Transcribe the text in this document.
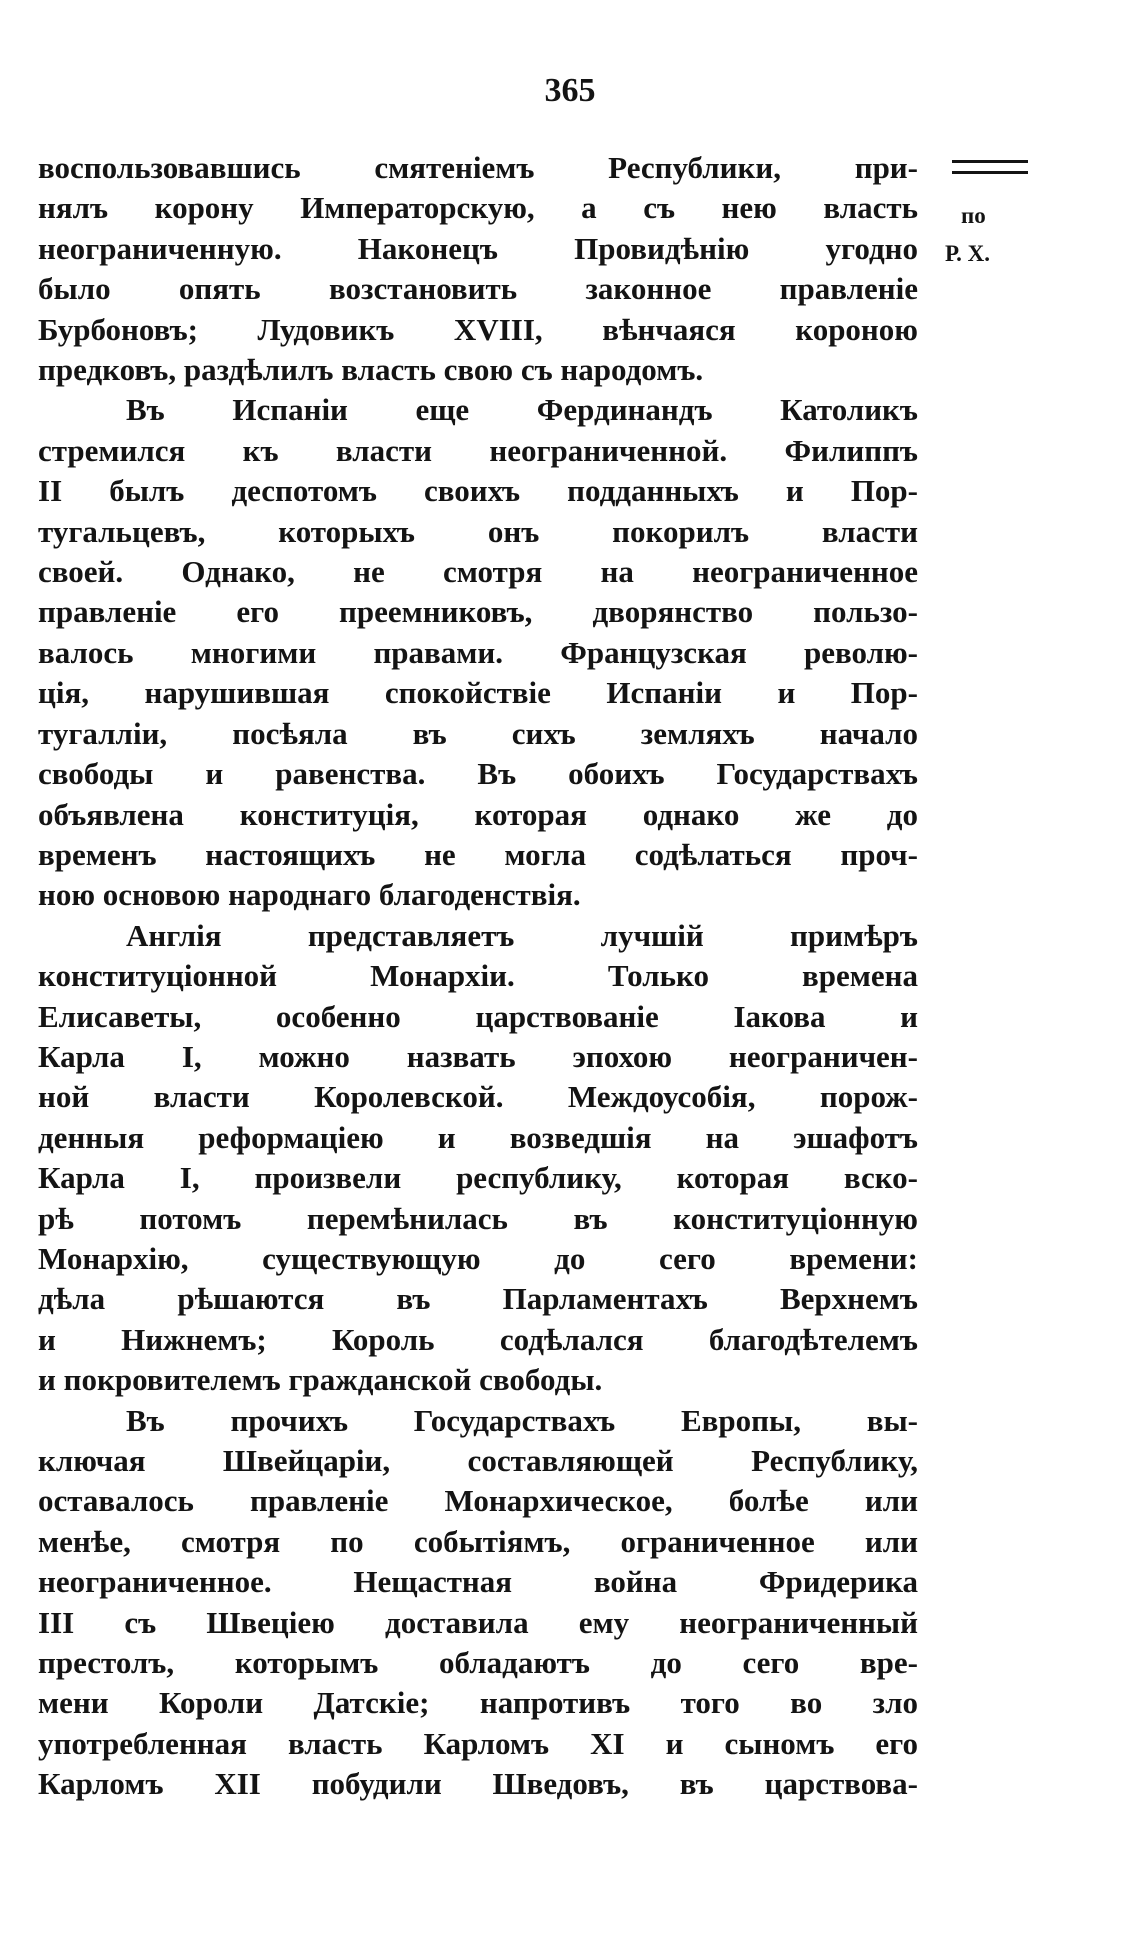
365
по
Р. Х.
воспользовавшись смятеніемъ Республики, при-
нялъ корону Императорскую, а съ нею власть
неограниченную. Наконецъ Провидѣнію угодно
было опять возстановить законное правленіе
Бурбоновъ; Лудовикъ XVIII, вѣнчаяся короною
предковъ, раздѣлилъ власть свою съ народомъ.
Въ Испаніи еще Фердинандъ Католикъ
стремился къ власти неограниченной. Филиппъ
II былъ деспотомъ своихъ подданныхъ и Пор-
тугальцевъ, которыхъ онъ покорилъ власти
своей. Однако, не смотря на неограниченное
правленіе его преемниковъ, дворянство пользо-
валось многими правами. Французская револю-
ція, нарушившая спокойствіе Испаніи и Пор-
тугалліи, посѣяла въ сихъ земляхъ начало
свободы и равенства. Въ обоихъ Государствахъ
объявлена конституція, которая однако же до
временъ настоящихъ не могла содѣлаться проч-
ною основою народнаго благоденствія.
Англія представляетъ лучшій примѣръ
конституціонной Монархіи. Только времена
Елисаветы, особенно царствованіе Іакова и
Карла I, можно назвать эпохою неограничен-
ной власти Королевской. Междоусобія, порож-
денныя реформаціею и возведшія на эшафотъ
Карла I, произвели республику, которая вско-
рѣ потомъ перемѣнилась въ конституціонную
Монархію, существующую до сего времени:
дѣла рѣшаются въ Парламентахъ Верхнемъ
и Нижнемъ; Король содѣлался благодѣтелемъ
и покровителемъ гражданской свободы.
Въ прочихъ Государствахъ Европы, вы-
ключая Швейцаріи, составляющей Республику,
оставалось правленіе Монархическое, болѣе или
менѣе, смотря по событіямъ, ограниченное или
неограниченное. Нещастная война Фридерика
III съ Швеціею доставила ему неограниченный
престолъ, которымъ обладаютъ до сего вре-
мени Короли Датскіе; напротивъ того во зло
употребленная власть Карломъ XI и сыномъ его
Карломъ XII побудили Шведовъ, въ царствова-
